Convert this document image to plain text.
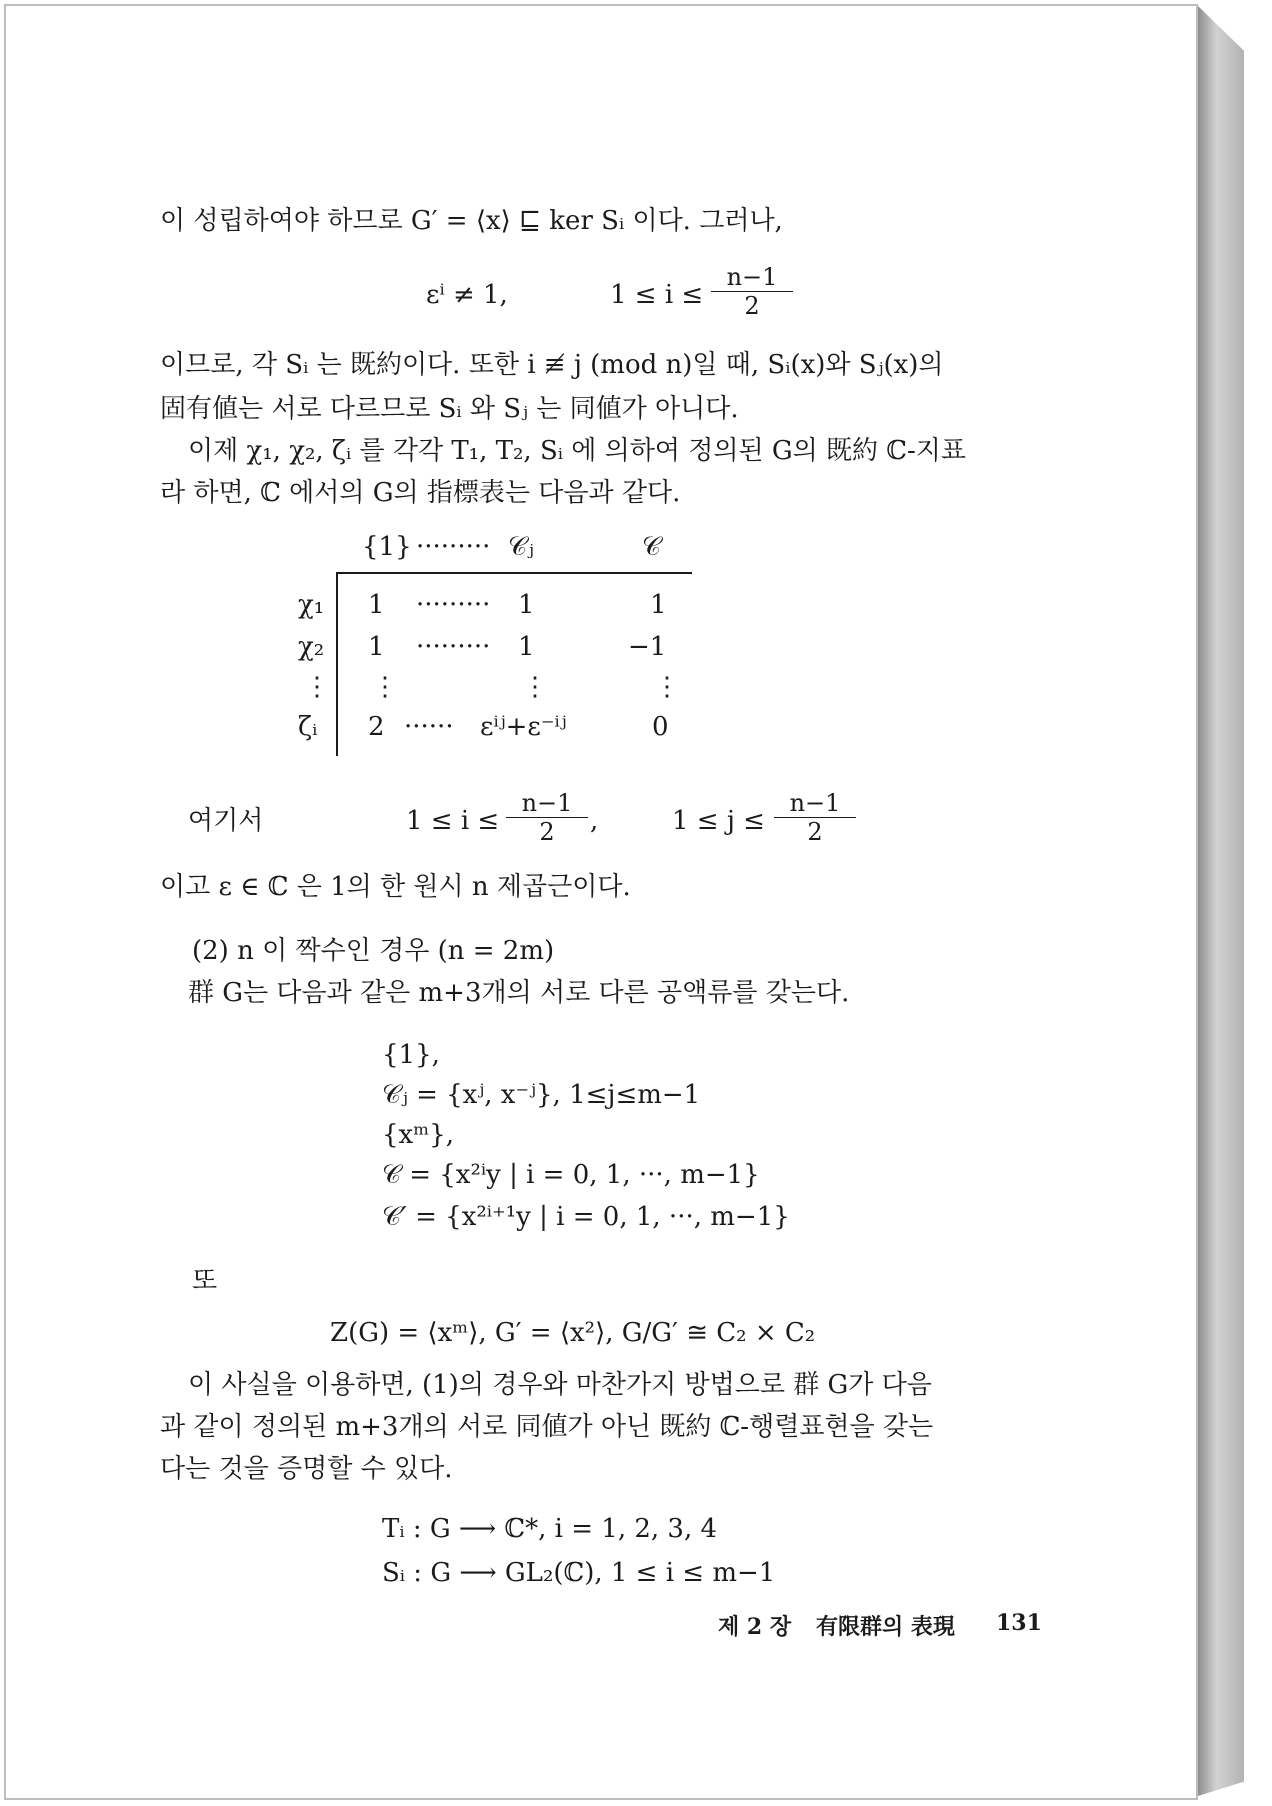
이 성립하여야 하므로 G′ = ⟨x⟩ ⊑ ker Sᵢ 이다. 그러나,
εⁱ ≠ 1,	$1 \le i \le \frac{n-1}{2}$
이므로, 각 Sᵢ 는 既約이다. 또한 i ≢ j (mod n)일 때, Sᵢ(x)와 Sⱼ(x)의
固有値는 서로 다르므로 Sᵢ 와 Sⱼ 는 同値가 아니다.
이제 χ₁, χ₂, ζᵢ 를 각각 T₁, T₂, Sᵢ 에 의하여 정의된 G의 既約 ℂ-지표
라 하면, ℂ 에서의 G의 指標表는 다음과 같다.
{1} ········· 𝒞ⱼ	𝒞
χ₁ 1 ········· 1	1
χ₂ 1 ········· 1	−1
⋮ ⋮	⋮	⋮
ζᵢ 2 ······ εⁱʲ+ε⁻ⁱʲ	0
여기서	$1 \le i \le \frac{n-1}{2}$ ,	$1 \le j \le \frac{n-1}{2}$
이고 ε ∈ ℂ 은 1의 한 원시 n 제곱근이다.
(2) n 이 짝수인 경우 (n = 2m)
群 G는 다음과 같은 m+3개의 서로 다른 공액류를 갖는다.
{1},
𝒞ⱼ = {xʲ, x⁻ʲ}, 1≤j≤m−1
{xᵐ},
𝒞 = {x²ⁱy | i = 0, 1, ···, m−1}
𝒞′ = {x²ⁱ⁺¹y | i = 0, 1, ···, m−1}
또
Z(G) = ⟨xᵐ⟩, G′ = ⟨x²⟩, G/G′ ≅ C₂ × C₂
이 사실을 이용하면, (1)의 경우와 마찬가지 방법으로 群 G가 다음
과 같이 정의된 m+3개의 서로 同値가 아닌 既約 ℂ-행렬표현을 갖는
다는 것을 증명할 수 있다.
Tᵢ : G ⟶ ℂ*, i = 1, 2, 3, 4
Sᵢ : G ⟶ GL₂(ℂ), 1 ≤ i ≤ m−1
제 2 장 有限群의 表現 131
